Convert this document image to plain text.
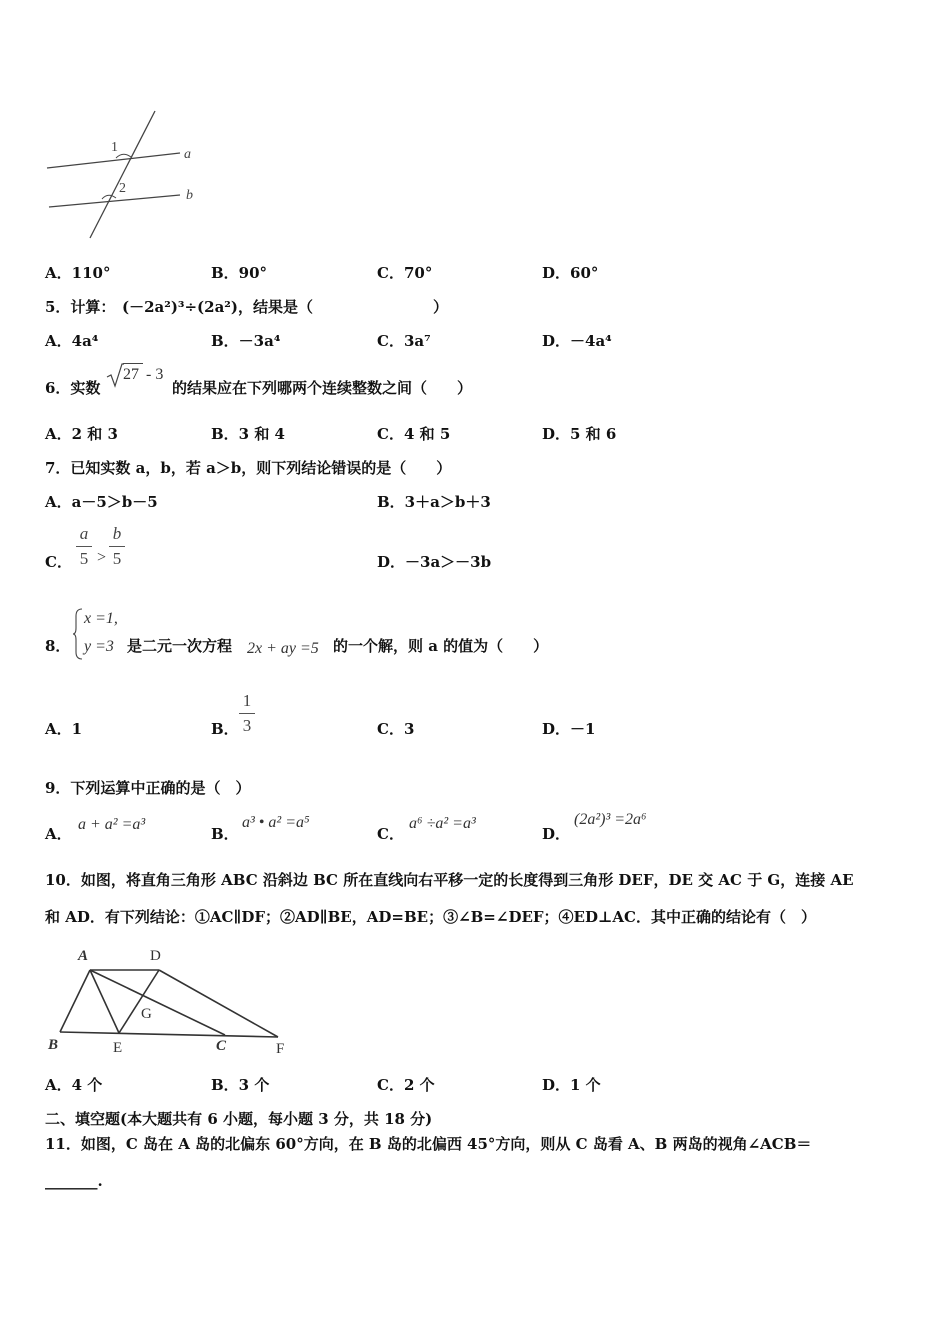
1
2
a
b
A．110°	B．90°	C．70°	D．60°
5．计算： (－2a²)³÷(2a²)，结果是（　　　　　　　　）
A．4a⁴	B．－3a⁴	C．3a⁷	D．－4a⁴
6．实数
27 - 3
的结果应在下列哪两个连续整数之间（　　）
A．2 和 3	B．3 和 4	C．4 和 5	D．5 和 6
7．已知实数 a，b，若 a＞b，则下列结论错误的是（　　）
A．a－5＞b－5	B．3＋a＞b＋3
C．
a
5 >
b
5	D．－3a＞－3b
8．
x =1,
y =3 是二元一次方程 2x + ay =5 的一个解，则 a 的值为（　　）
A．1	B．
1
3	C．3	D．－1
9．下列运算中正确的是（　）
A．
a + a² =a³
B．
a³ • a² =a⁵
C．
a⁶ ÷a² =a³
D．
(2a²)³ =2a⁶
10．如图，将直角三角形 ABC 沿斜边 BC 所在直线向右平移一定的长度得到三角形 DEF，DE 交 AC 于 G，连接 AE
和 AD．有下列结论：①AC∥DF；②AD∥BE，AD=BE；③∠B=∠DEF；④ED⊥AC．其中正确的结论有（　）
A	D
G
B	E	C	F
A．4 个	B．3 个	C．2 个	D．1 个
二、填空题(本大题共有 6 小题，每小题 3 分，共 18 分)
11．如图，C 岛在 A 岛的北偏东 60°方向，在 B 岛的北偏西 45°方向，则从 C 岛看 A、B 两岛的视角∠ACB＝
_______.
